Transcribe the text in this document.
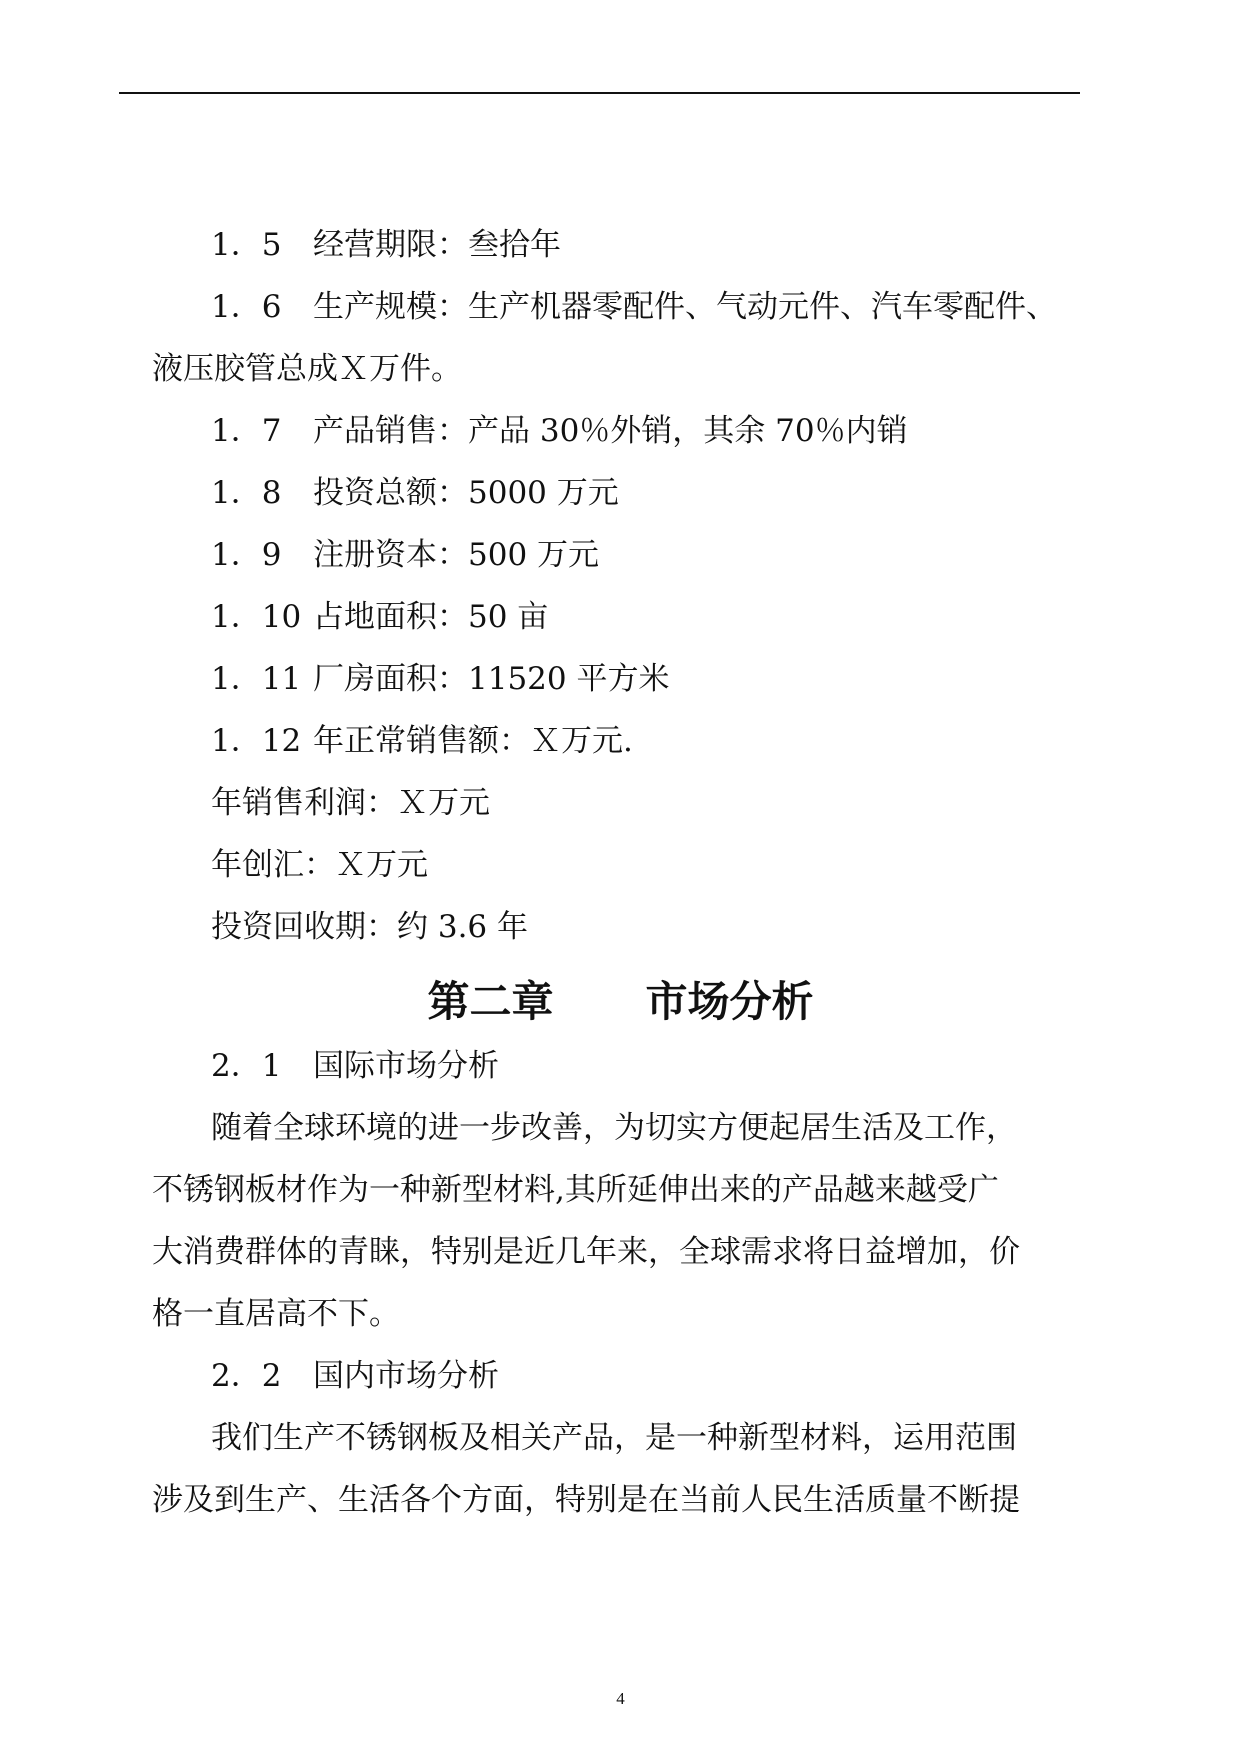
1．5 经营期限：叁拾年
1．6 生产规模：生产机器零配件、气动元件、汽车零配件、
液压胶管总成Ｘ万件。
1．7 产品销售：产品 30％外销，其余 70％内销
1．8 投资总额：5000 万元
1．9 注册资本：500 万元
1．10 占地面积：50 亩
1．11 厂房面积：11520 平方米
1．12 年正常销售额：Ｘ万元.
年销售利润：Ｘ万元
年创汇：Ｘ万元
投资回收期：约 3.6 年
第二章 市场分析
2．1 国际市场分析
随着全球环境的进一步改善，为切实方便起居生活及工作，
不锈钢板材作为一种新型材料,其所延伸出来的产品越来越受广
大消费群体的青睐，特别是近几年来，全球需求将日益增加，价
格一直居高不下。
2．2 国内市场分析
我们生产不锈钢板及相关产品，是一种新型材料，运用范围
涉及到生产、生活各个方面，特别是在当前人民生活质量不断提
4
